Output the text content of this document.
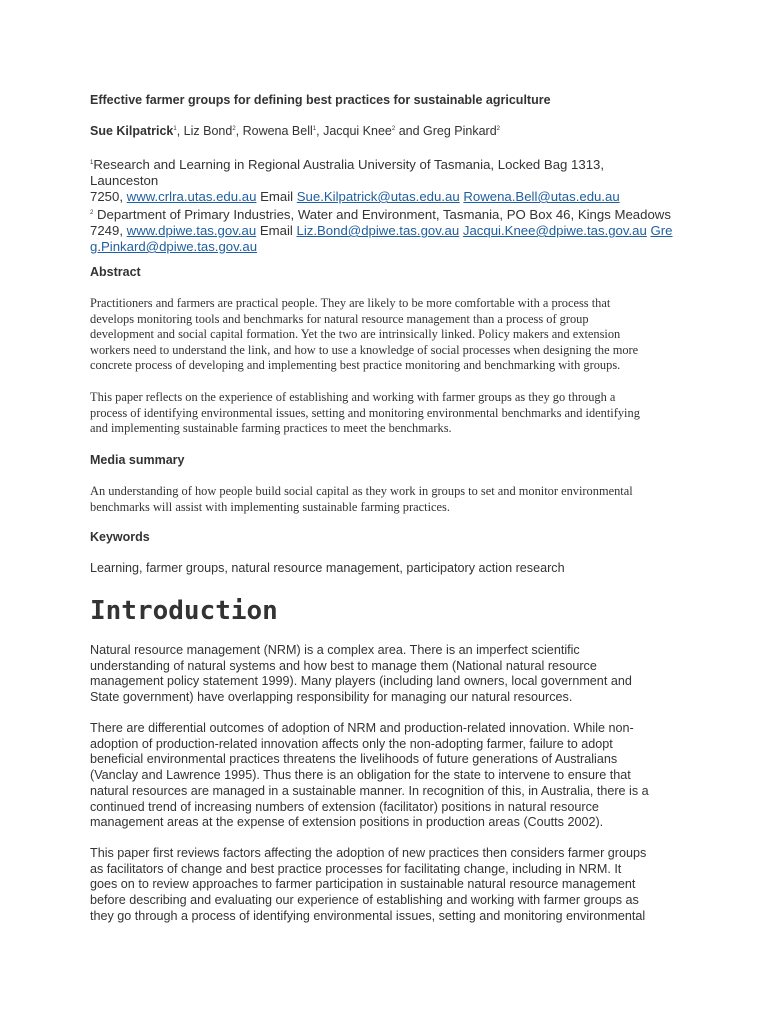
Effective farmer groups for defining best practices for sustainable agriculture
Sue Kilpatrick$^1$, Liz Bond$^2$, Rowena Bell$^1$, Jacqui Knee$^2$ and Greg Pinkard$^2$
$^1$Research and Learning in Regional Australia University of Tasmania, Locked Bag 1313,
Launceston
7250, www.crlra.utas.edu.au Email Sue.Kilpatrick@utas.edu.au Rowena.Bell@utas.edu.au
$^2$ Department of Primary Industries, Water and Environment, Tasmania, PO Box 46, Kings Meadows
7249, www.dpiwe.tas.gov.au Email Liz.Bond@dpiwe.tas.gov.au Jacqui.Knee@dpiwe.tas.gov.au Gre
g.Pinkard@dpiwe.tas.gov.au
Abstract
Practitioners and farmers are practical people. They are likely to be more comfortable with a process that
develops monitoring tools and benchmarks for natural resource management than a process of group
development and social capital formation. Yet the two are intrinsically linked. Policy makers and extension
workers need to understand the link, and how to use a knowledge of social processes when designing the more
concrete process of developing and implementing best practice monitoring and benchmarking with groups.
This paper reflects on the experience of establishing and working with farmer groups as they go through a
process of identifying environmental issues, setting and monitoring environmental benchmarks and identifying
and implementing sustainable farming practices to meet the benchmarks.
Media summary
An understanding of how people build social capital as they work in groups to set and monitor environmental
benchmarks will assist with implementing sustainable farming practices.
Keywords
Learning, farmer groups, natural resource management, participatory action research
Introduction
Natural resource management (NRM) is a complex area. There is an imperfect scientific
understanding of natural systems and how best to manage them (National natural resource
management policy statement 1999). Many players (including land owners, local government and
State government) have overlapping responsibility for managing our natural resources.
There are differential outcomes of adoption of NRM and production-related innovation. While non-
adoption of production-related innovation affects only the non-adopting farmer, failure to adopt
beneficial environmental practices threatens the livelihoods of future generations of Australians
(Vanclay and Lawrence 1995). Thus there is an obligation for the state to intervene to ensure that
natural resources are managed in a sustainable manner. In recognition of this, in Australia, there is a
continued trend of increasing numbers of extension (facilitator) positions in natural resource
management areas at the expense of extension positions in production areas (Coutts 2002).
This paper first reviews factors affecting the adoption of new practices then considers farmer groups
as facilitators of change and best practice processes for facilitating change, including in NRM. It
goes on to review approaches to farmer participation in sustainable natural resource management
before describing and evaluating our experience of establishing and working with farmer groups as
they go through a process of identifying environmental issues, setting and monitoring environmental
